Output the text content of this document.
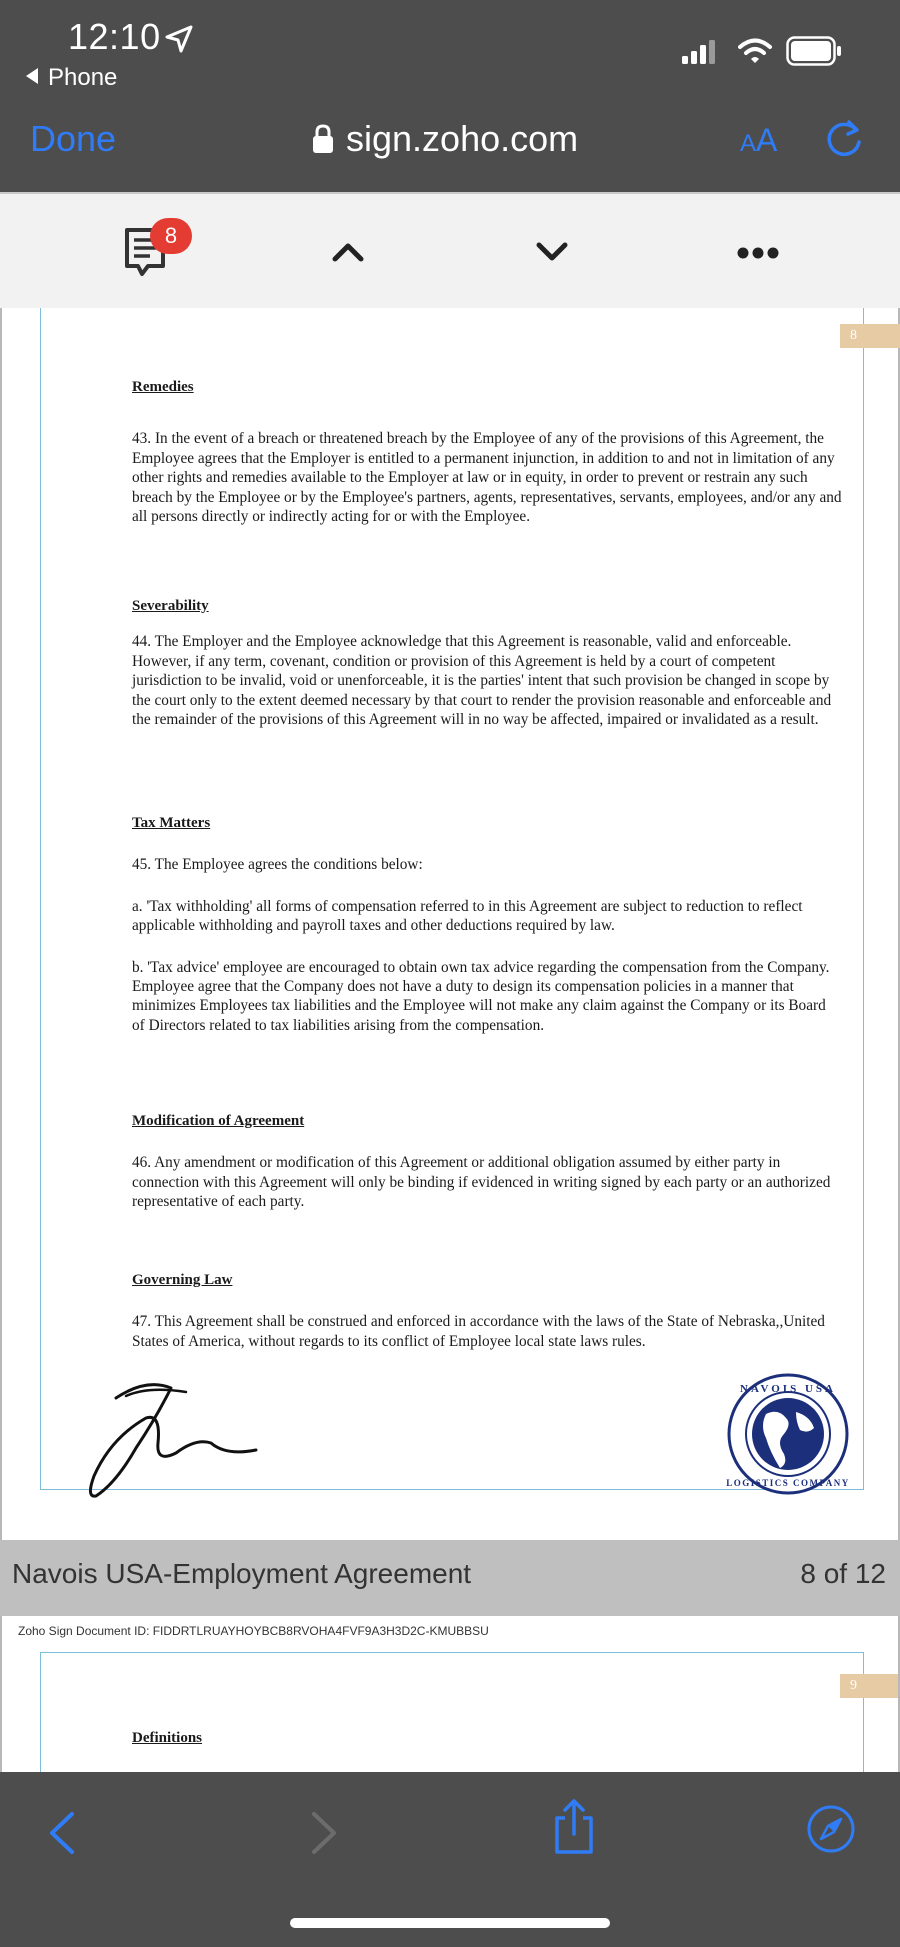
12:10
Phone
Done	sign.zoho.com	AA
8
8
Remedies

43. In the event of a breach or threatened breach by the Employee of any of the provisions of this Agreement, the Employee agrees that the Employer is entitled to a permanent injunction, in addition to and not in limitation of any other rights and remedies available to the Employer at law or in equity, in order to prevent or restrain any such breach by the Employee or by the Employee's partners, agents, representatives, servants, employees, and/or any and all persons directly or indirectly acting for or with the Employee.

Severability

44. The Employer and the Employee acknowledge that this Agreement is reasonable, valid and enforceable. However, if any term, covenant, condition or provision of this Agreement is held by a court of competent jurisdiction to be invalid, void or unenforceable, it is the parties' intent that such provision be changed in scope by the court only to the extent deemed necessary by that court to render the provision reasonable and enforceable and the remainder of the provisions of this Agreement will in no way be affected, impaired or invalidated as a result.

Tax Matters

45. The Employee agrees the conditions below:

a. 'Tax withholding' all forms of compensation referred to in this Agreement are subject to reduction to reflect applicable withholding and payroll taxes and other deductions required by law.

b. 'Tax advice' employee are encouraged to obtain own tax advice regarding the compensation from the Company. Employee agree that the Company does not have a duty to design its compensation policies in a manner that minimizes Employees tax liabilities and the Employee will not make any claim against the Company or its Board of Directors related to tax liabilities arising from the compensation.

Modification of Agreement

46. Any amendment or modification of this Agreement or additional obligation assumed by either party in connection with this Agreement will only be binding if evidenced in writing signed by each party or an authorized representative of each party.

Governing Law

47. This Agreement shall be construed and enforced in accordance with the laws of the State of Nebraska,,United States of America, without regards to its conflict of Employee local state laws rules.

NAVOIS USA
LOGISTICS COMPANY
Navois USA-Employment Agreement	8 of 12
Zoho Sign Document ID: FIDDRTLRUAYHOYBCB8RVOHA4FVF9A3H3D2C-KMUBBSU
9
Definitions
